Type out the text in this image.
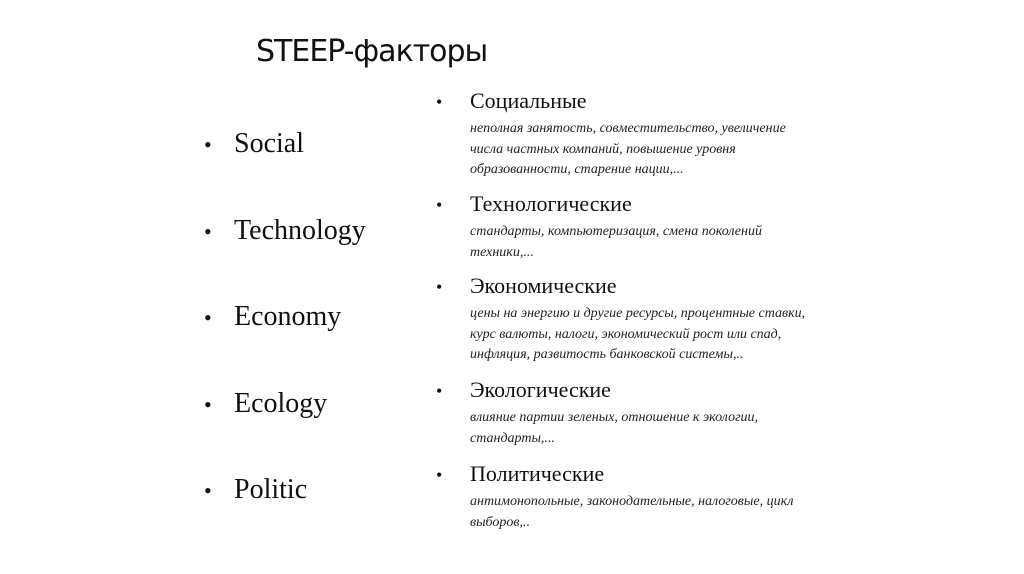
STEEP-факторы
• Social
• Technology
• Economy
• Ecology
• Politic
• Социальные
неполная занятость, совместительство, увеличение
числа частных компаний, повышение уровня
образованности, старение нации,...
• Технологические
стандарты, компьютеризация, смена поколений
техники,...
• Экономические
цены на энергию и другие ресурсы, процентные ставки,
курс валюты, налоги, экономический рост или спад,
инфляция, развитость банковской системы,..
• Экологические
влияние партии зеленых, отношение к экологии,
стандарты,...
• Политические
антимонопольные, законодательные, налоговые, цикл
выборов,..
